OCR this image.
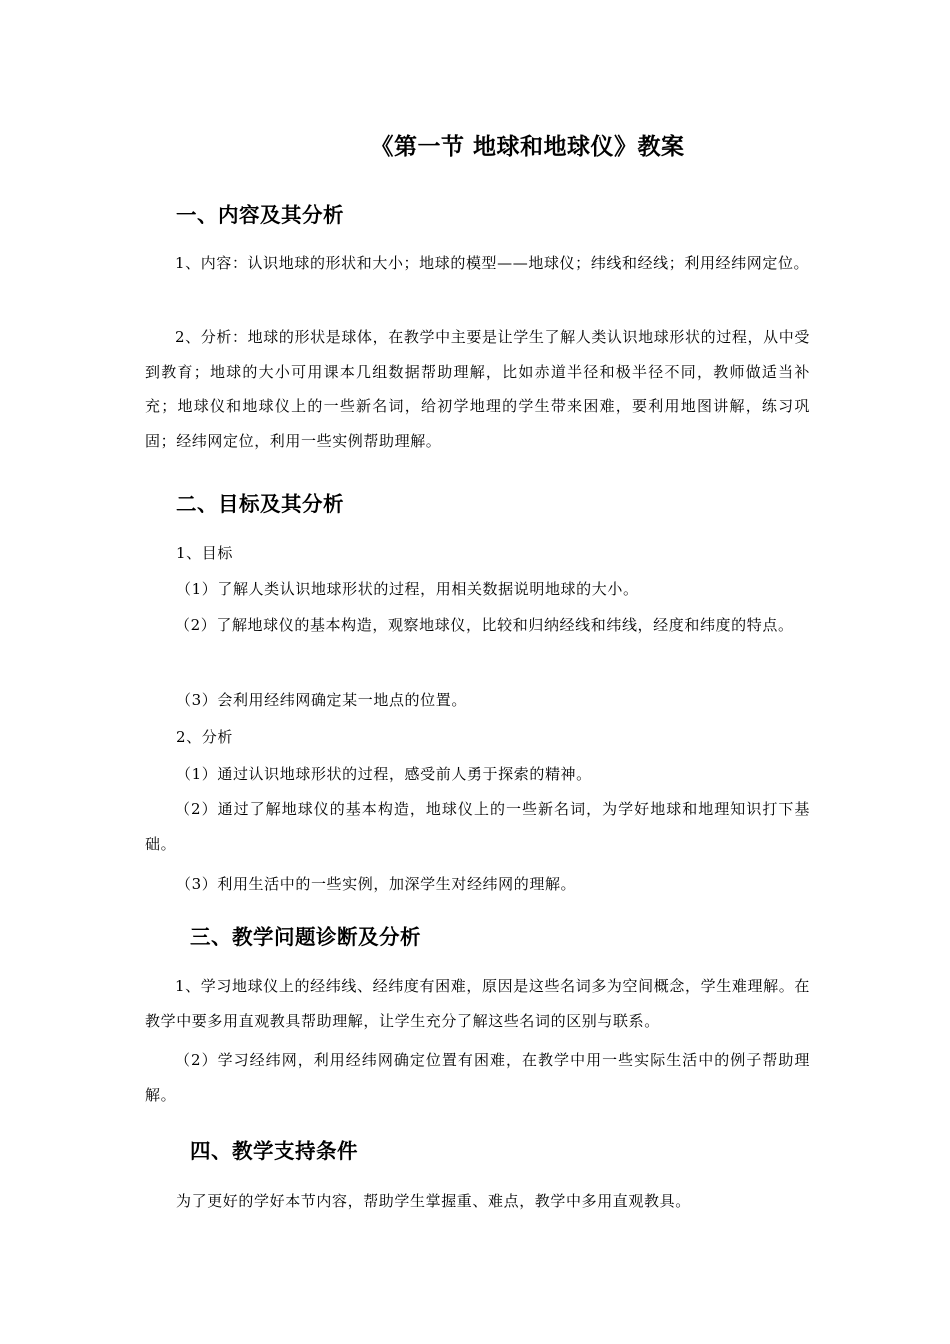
《第一节 地球和地球仪》教案
一、内容及其分析
1、内容：认识地球的形状和大小；地球的模型——地球仪；纬线和经线；利用经纬网定位。
2、分析：地球的形状是球体，在教学中主要是让学生了解人类认识地球形状的过程，从中受到教育；地球的大小可用课本几组数据帮助理解，比如赤道半径和极半径不同，教师做适当补充；地球仪和地球仪上的一些新名词，给初学地理的学生带来困难，要利用地图讲解，练习巩固；经纬网定位，利用一些实例帮助理解。
二、目标及其分析
1、目标
（1）了解人类认识地球形状的过程，用相关数据说明地球的大小。
（2）了解地球仪的基本构造，观察地球仪，比较和归纳经线和纬线，经度和纬度的特点。
（3）会利用经纬网确定某一地点的位置。
2、分析
（1）通过认识地球形状的过程，感受前人勇于探索的精神。
（2）通过了解地球仪的基本构造，地球仪上的一些新名词，为学好地球和地理知识打下基础。
（3）利用生活中的一些实例，加深学生对经纬网的理解。
三、教学问题诊断及分析
1、学习地球仪上的经纬线、经纬度有困难，原因是这些名词多为空间概念，学生难理解。在教学中要多用直观教具帮助理解，让学生充分了解这些名词的区别与联系。
（2）学习经纬网，利用经纬网确定位置有困难，在教学中用一些实际生活中的例子帮助理解。
四、教学支持条件
为了更好的学好本节内容，帮助学生掌握重、难点，教学中多用直观教具。
